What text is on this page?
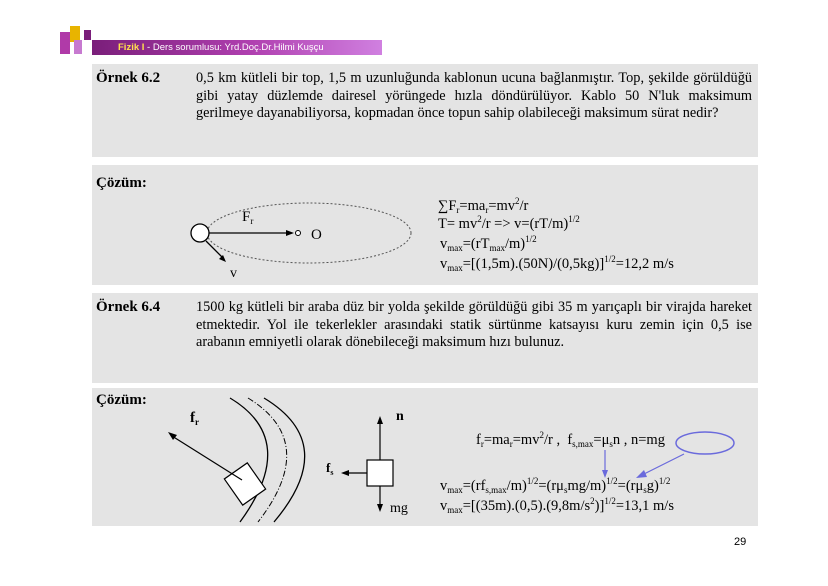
Fizik I - Ders sorumlusu: Yrd.Doç.Dr.Hilmi Kuşçu
Örnek 6.2	0,5 km kütleli bir top, 1,5 m uzunluğunda kablonun ucuna bağlanmıştır. Top, şekilde görüldüğü gibi yatay düzlemde dairesel yörüngede hızla döndürülüyor. Kablo 50 N'luk maksimum gerilmeye dayanabiliyorsa, kopmadan önce topun sahip olabileceği maksimum sürat nedir?

Çözüm:
$F_r$
O
v
$\sum F_r=ma_r=mv^2/r$
$T= mv^2/r => v=(rT/m)^{1/2}$
$v_{max}=(rT_{max}/m)^{1/2}$
$v_{max}=[(1,5m).(50N)/(0,5kg)]^{1/2}=12,2$ m/s
Örnek 6.4	1500 kg kütleli bir araba düz bir yolda şekilde görüldüğü gibi 35 m yarıçaplı bir virajda hareket etmektedir. Yol ile tekerlekler arasındaki statik sürtünme katsayısı kuru zemin için 0,5 ise arabanın emniyetli olarak dönebileceği maksimum hızı bulunuz.

Çözüm:
$f_r$	n
$f_s$
mg
$f_r=ma_r=mv^2/r$ ,  $f_{s,max}=\mu_sn$ , n=mg
$v_{max}=(rf_{s,max}/m)^{1/2}=(r\mu_smg/m)^{1/2}=(r\mu_sg)^{1/2}$
$v_{max}=[(35m).(0,5).(9,8m/s^2)]^{1/2}=13,1$ m/s
29
